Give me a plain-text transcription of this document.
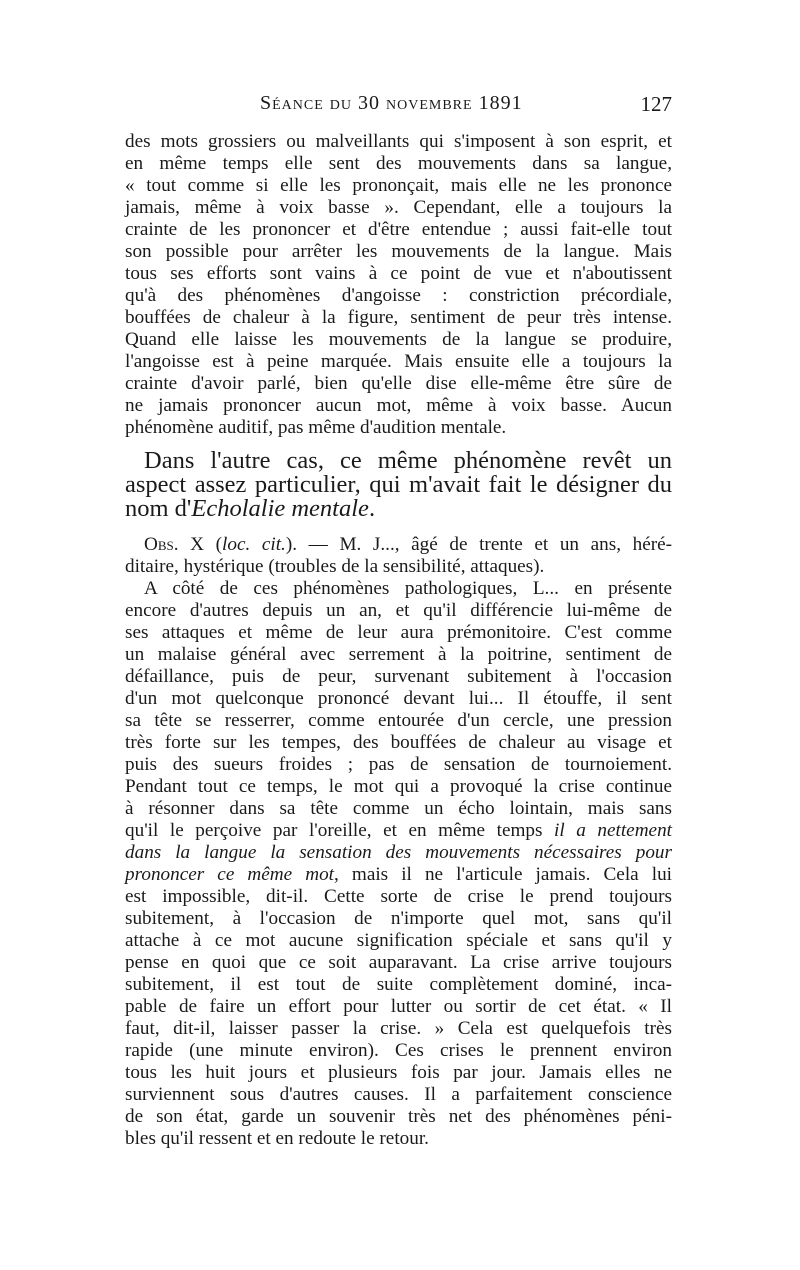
Séance du 30 novembre 1891	127
des mots grossiers ou malveillants qui s'imposent à son esprit, et
en même temps elle sent des mouvements dans sa langue,
« tout comme si elle les prononçait, mais elle ne les prononce
jamais, même à voix basse ». Cependant, elle a toujours la
crainte de les prononcer et d'être entendue ; aussi fait-elle tout
son possible pour arrêter les mouvements de la langue. Mais
tous ses efforts sont vains à ce point de vue et n'aboutissent
qu'à des phénomènes d'angoisse : constriction précordiale,
bouffées de chaleur à la figure, sentiment de peur très intense.
Quand elle laisse les mouvements de la langue se produire,
l'angoisse est à peine marquée. Mais ensuite elle a toujours la
crainte d'avoir parlé, bien qu'elle dise elle-même être sûre de
ne jamais prononcer aucun mot, même à voix basse. Aucun
phénomène auditif, pas même d'audition mentale.
Dans l'autre cas, ce même phénomène revêt un
aspect assez particulier, qui m'avait fait le désigner du
nom d'Echolalie mentale.
Obs. X (loc. cit.). — M. J..., âgé de trente et un ans, héré-
ditaire, hystérique (troubles de la sensibilité, attaques).
A côté de ces phénomènes pathologiques, L... en présente
encore d'autres depuis un an, et qu'il différencie lui-même de
ses attaques et même de leur aura prémonitoire. C'est comme
un malaise général avec serrement à la poitrine, sentiment de
défaillance, puis de peur, survenant subitement à l'occasion
d'un mot quelconque prononcé devant lui... Il étouffe, il sent
sa tête se resserrer, comme entourée d'un cercle, une pression
très forte sur les tempes, des bouffées de chaleur au visage et
puis des sueurs froides ; pas de sensation de tournoiement.
Pendant tout ce temps, le mot qui a provoqué la crise continue
à résonner dans sa tête comme un écho lointain, mais sans
qu'il le perçoive par l'oreille, et en même temps il a nettement
dans la langue la sensation des mouvements nécessaires pour
prononcer ce même mot, mais il ne l'articule jamais. Cela lui
est impossible, dit-il. Cette sorte de crise le prend toujours
subitement, à l'occasion de n'importe quel mot, sans qu'il
attache à ce mot aucune signification spéciale et sans qu'il y
pense en quoi que ce soit auparavant. La crise arrive toujours
subitement, il est tout de suite complètement dominé, inca-
pable de faire un effort pour lutter ou sortir de cet état. « Il
faut, dit-il, laisser passer la crise. » Cela est quelquefois très
rapide (une minute environ). Ces crises le prennent environ
tous les huit jours et plusieurs fois par jour. Jamais elles ne
surviennent sous d'autres causes. Il a parfaitement conscience
de son état, garde un souvenir très net des phénomènes péni-
bles qu'il ressent et en redoute le retour.
